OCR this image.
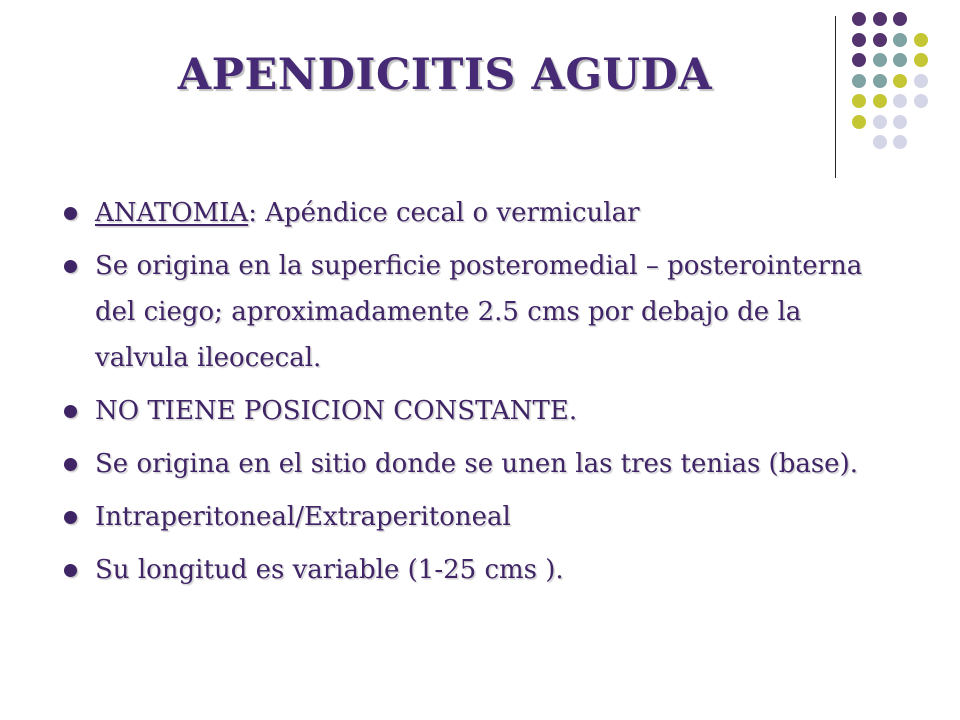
APENDICITIS AGUDA
ANATOMIA: Apéndice cecal o vermicular
Se origina en la superficie posteromedial – posterointerna del ciego; aproximadamente 2.5 cms por debajo de la valvula ileocecal.
NO TIENE POSICION CONSTANTE.
Se origina en el sitio donde se unen las tres tenias (base).
Intraperitoneal/Extraperitoneal
Su longitud es variable (1-25 cms ).
